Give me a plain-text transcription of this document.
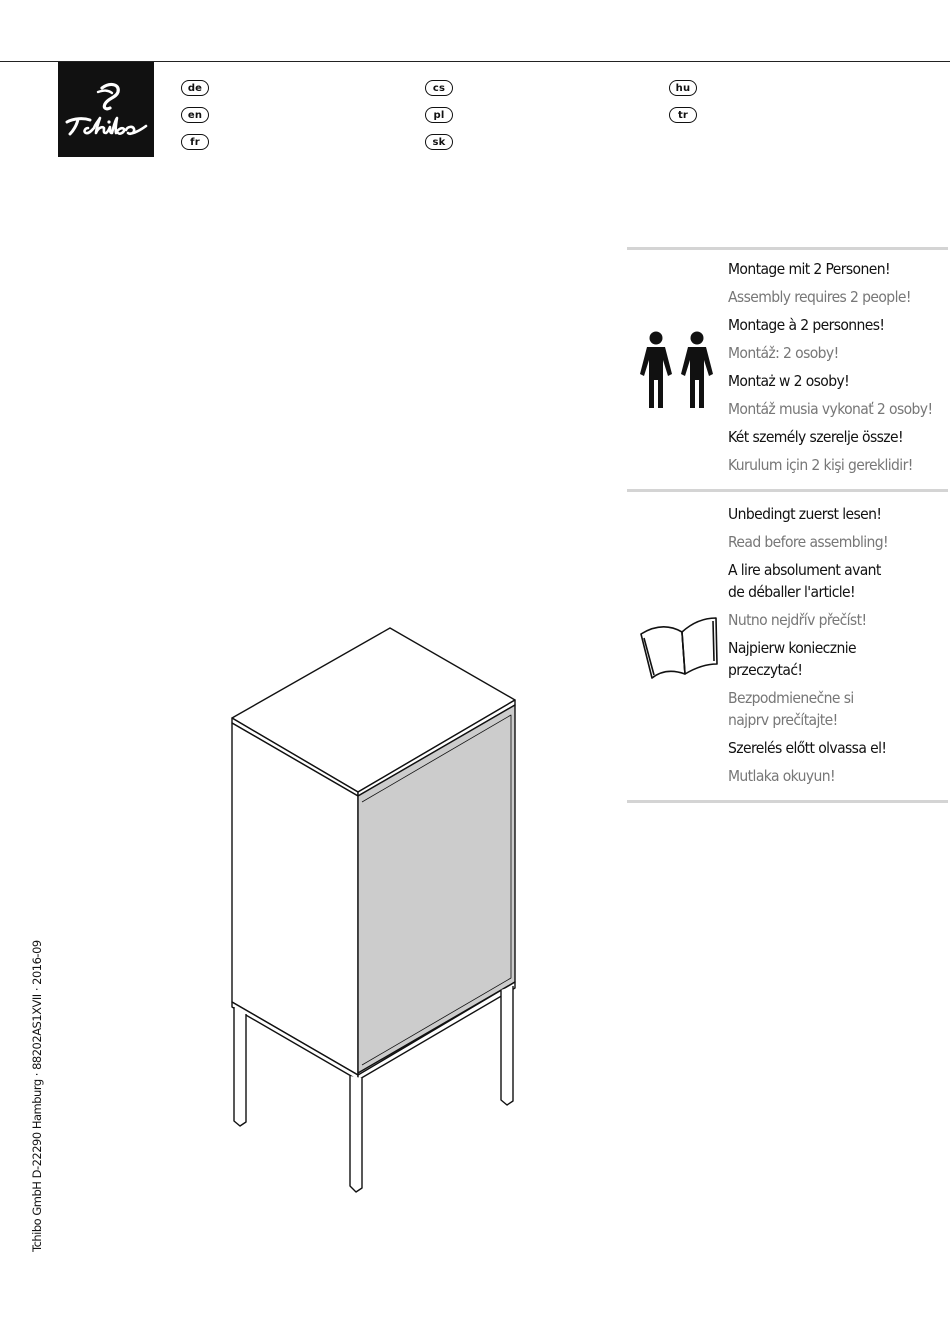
de
en
fr
cs
pl
sk
hu
tr
Montage mit 2 Personen!
Assembly requires 2 people!
Montage à 2 personnes!
Montáž: 2 osoby!
Montaż w 2 osoby!
Montáž musia vykonať 2 osoby!
Két személy szerelje össze!
Kurulum için 2 kişi gereklidir!
Unbedingt zuerst lesen!
Read before assembling!
A lire absolument avant
de déballer l'article!
Nutno nejdřív přečíst!
Najpierw koniecznie
przeczytać!
Bezpodmienečne si
najprv prečítajte!
Szerelés előtt olvassa el!
Mutlaka okuyun!
Tchibo GmbH D-22290 Hamburg · 88202AS1XVII · 2016-09
